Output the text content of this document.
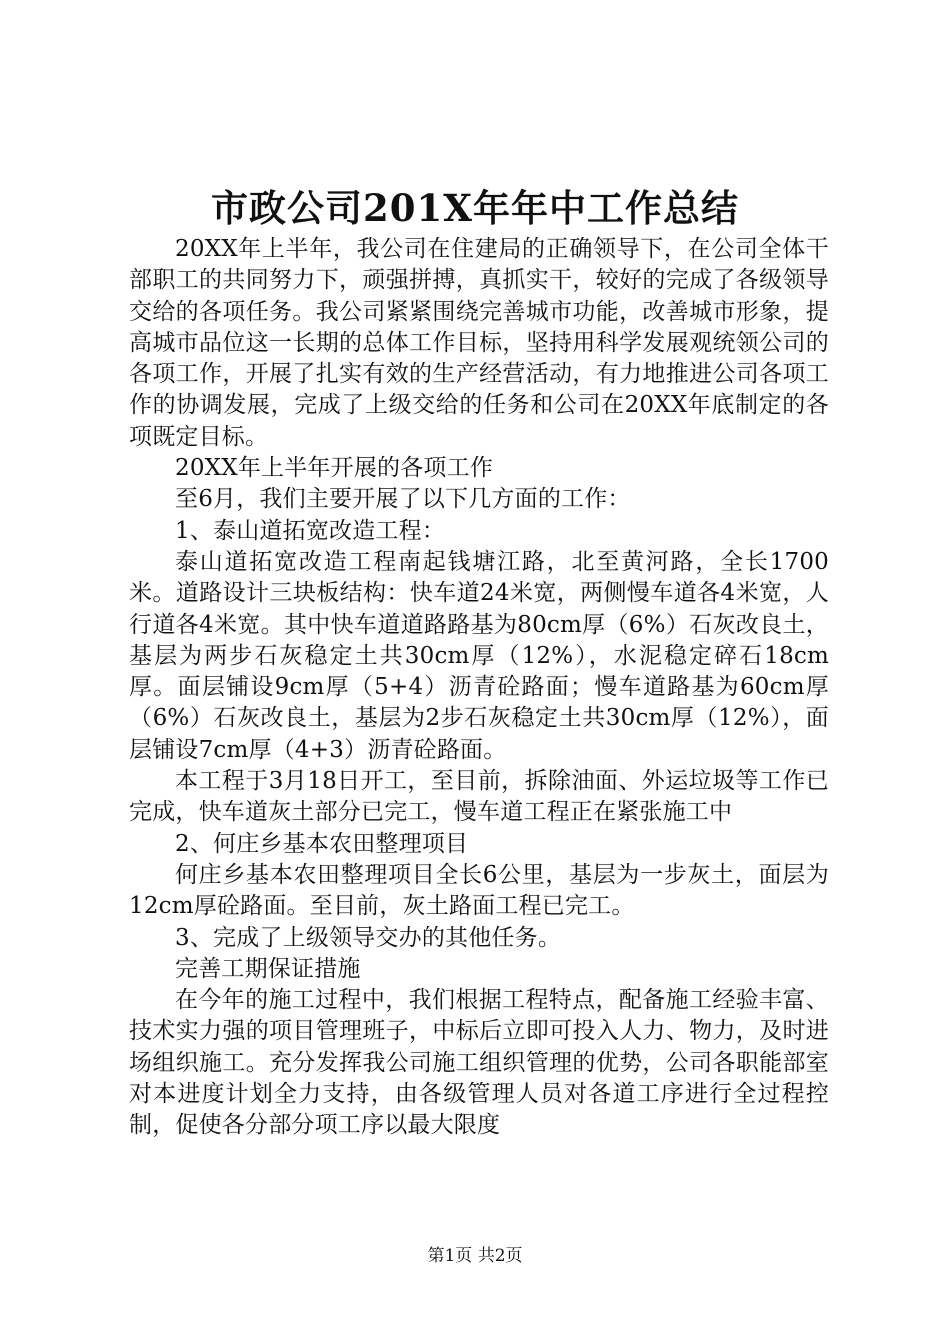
市政公司201X年年中工作总结

20XX年上半年，我公司在住建局的正确领导下，在公司全体干部职工的共同努力下，顽强拼搏，真抓实干，较好的完成了各级领导交给的各项任务。我公司紧紧围绕完善城市功能，改善城市形象，提高城市品位这一长期的总体工作目标，坚持用科学发展观统领公司的各项工作，开展了扎实有效的生产经营活动，有力地推进公司各项工作的协调发展，完成了上级交给的任务和公司在20XX年底制定的各项既定目标。

20XX年上半年开展的各项工作

至6月，我们主要开展了以下几方面的工作：

1、泰山道拓宽改造工程：

泰山道拓宽改造工程南起钱塘江路，北至黄河路，全长1700米。道路设计三块板结构：快车道24米宽，两侧慢车道各4米宽，人行道各4米宽。其中快车道道路路基为80cm厚（6%）石灰改良土，基层为两步石灰稳定土共30cm厚（12%），水泥稳定碎石18cm厚。面层铺设9cm厚（5+4）沥青砼路面；慢车道路基为60cm厚（6%）石灰改良土，基层为2步石灰稳定土共30cm厚（12%），面层铺设7cm厚（4+3）沥青砼路面。

本工程于3月18日开工，至目前，拆除油面、外运垃圾等工作已完成，快车道灰土部分已完工，慢车道工程正在紧张施工中

2、何庄乡基本农田整理项目

何庄乡基本农田整理项目全长6公里，基层为一步灰土，面层为12cm厚砼路面。至目前，灰土路面工程已完工。

3、完成了上级领导交办的其他任务。

完善工期保证措施

在今年的施工过程中，我们根据工程特点，配备施工经验丰富、技术实力强的项目管理班子，中标后立即可投入人力、物力，及时进场组织施工。充分发挥我公司施工组织管理的优势，公司各职能部室对本进度计划全力支持，由各级管理人员对各道工序进行全过程控制，促使各分部分项工序以最大限度

第1页 共2页
